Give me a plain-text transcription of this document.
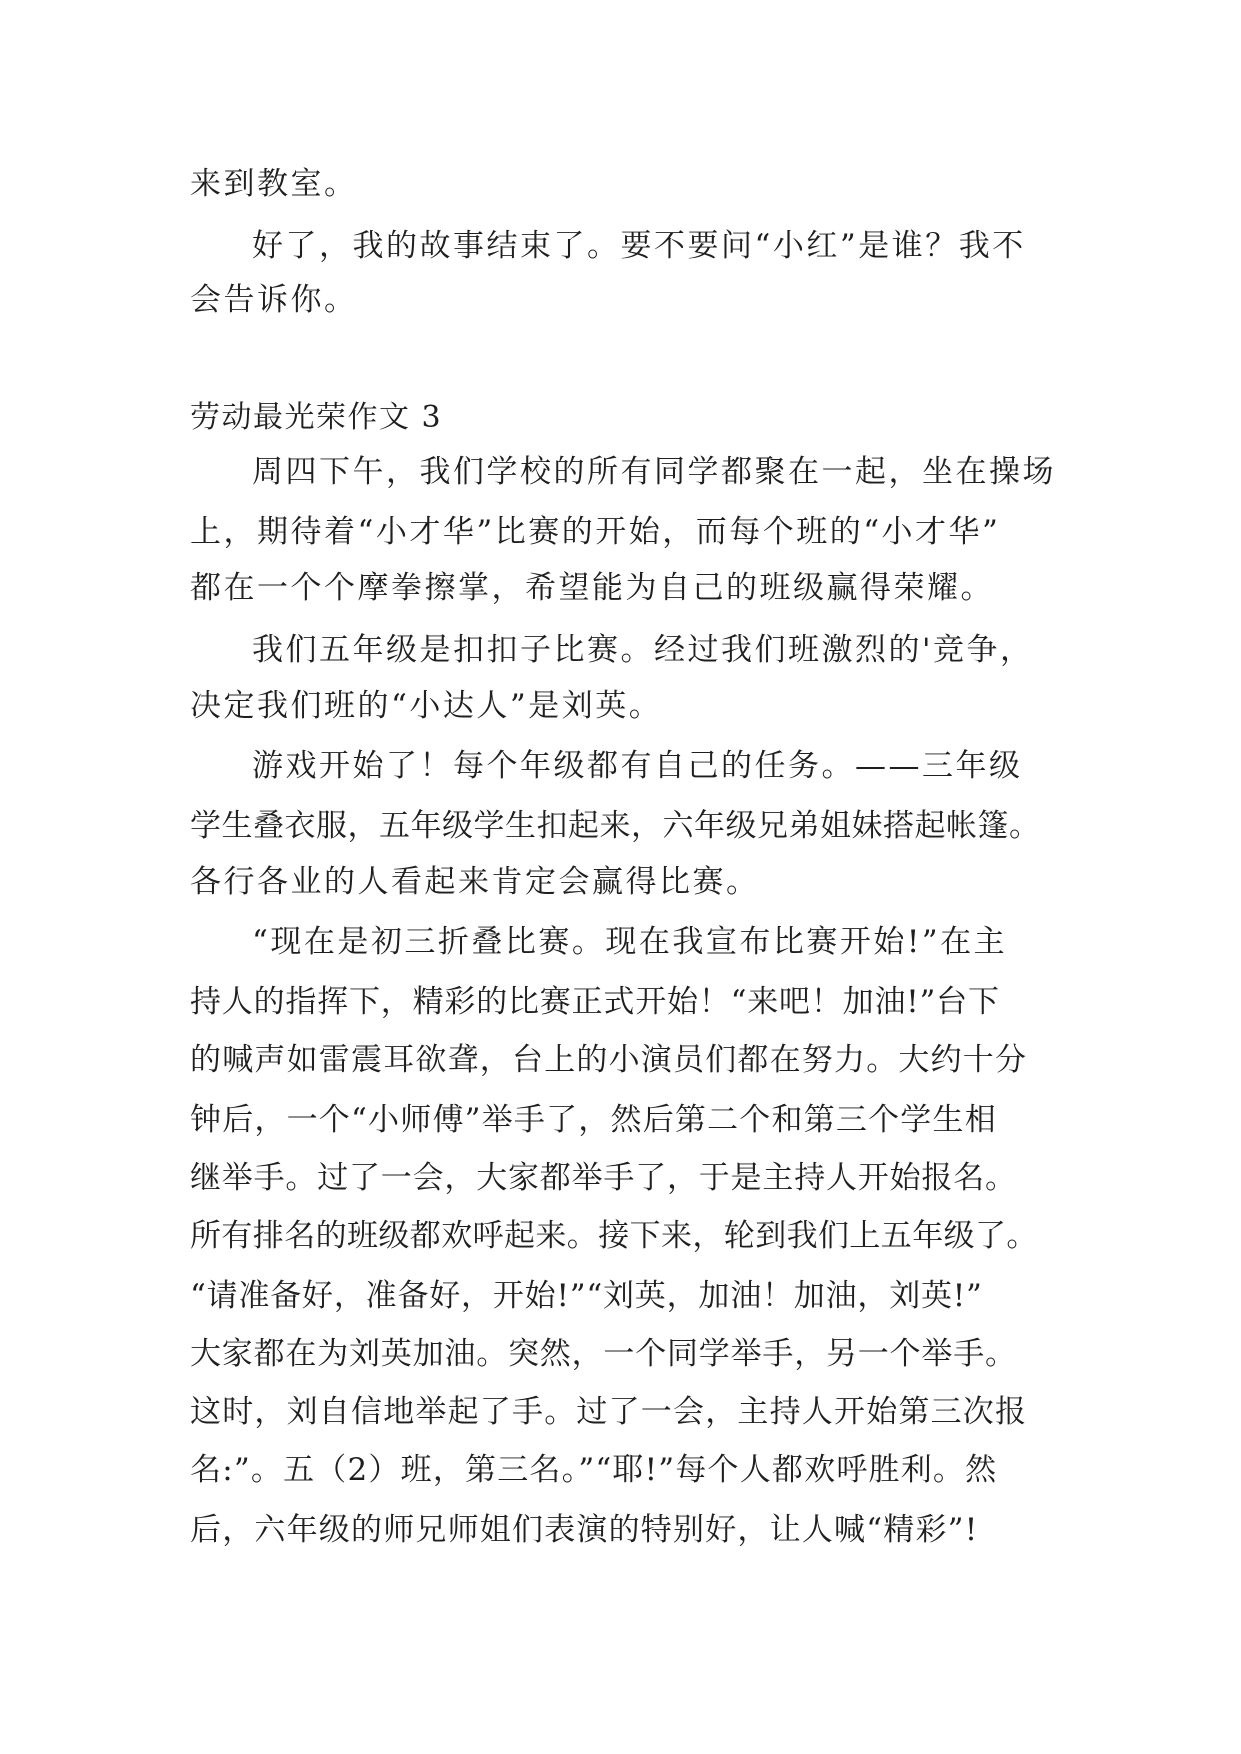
来到教室。
好了，我的故事结束了。要不要问“小红”是谁？我不
会告诉你。
劳动最光荣作文 3
周四下午，我们学校的所有同学都聚在一起，坐在操场
上，期待着“小才华”比赛的开始，而每个班的“小才华”
都在一个个摩拳擦掌，希望能为自己的班级赢得荣耀。
我们五年级是扣扣子比赛。经过我们班激烈的'竞争，
决定我们班的“小达人”是刘英。
游戏开始了！每个年级都有自己的任务。——三年级
学生叠衣服，五年级学生扣起来，六年级兄弟姐妹搭起帐篷。
各行各业的人看起来肯定会赢得比赛。
“现在是初三折叠比赛。现在我宣布比赛开始!”在主
持人的指挥下，精彩的比赛正式开始！“来吧！加油!”台下
的喊声如雷震耳欲聋，台上的小演员们都在努力。大约十分
钟后，一个“小师傅”举手了，然后第二个和第三个学生相
继举手。过了一会，大家都举手了，于是主持人开始报名。
所有排名的班级都欢呼起来。接下来，轮到我们上五年级了。
“请准备好，准备好，开始!”“刘英，加油！加油，刘英!”
大家都在为刘英加油。突然，一个同学举手，另一个举手。
这时，刘自信地举起了手。过了一会，主持人开始第三次报
名:”。五（2）班，第三名。”“耶!”每个人都欢呼胜利。然
后，六年级的师兄师姐们表演的特别好，让人喊“精彩”!
